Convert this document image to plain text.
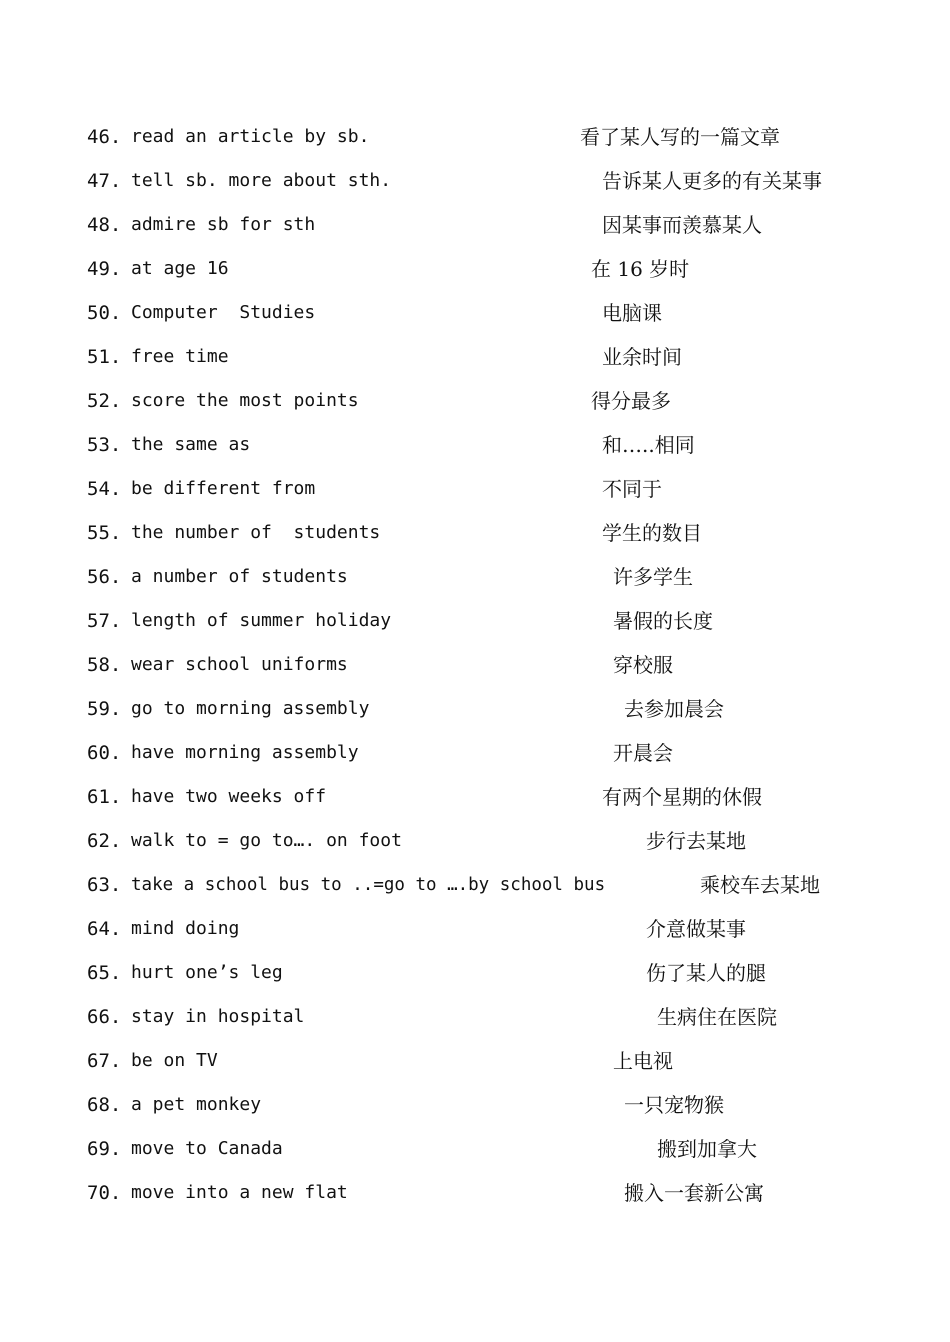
46. read an article by sb.	看了某人写的一篇文章
47. tell sb. more about sth.	告诉某人更多的有关某事
48. admire sb for sth	因某事而羡慕某人
49. at age 16	在 16 岁时
50. Computer  Studies	电脑课
51. free time	业余时间
52. score the most points	得分最多
53. the same as	和…..相同
54. be different from	不同于
55. the number of  students	学生的数目
56. a number of students	许多学生
57. length of summer holiday	暑假的长度
58. wear school uniforms	穿校服
59. go to morning assembly	去参加晨会
60. have morning assembly	开晨会
61. have two weeks off	有两个星期的休假
62. walk to = go to…. on foot	步行去某地
63. take a school bus to ..=go to ….by school bus	乘校车去某地
64. mind doing	介意做某事
65. hurt one’s leg	伤了某人的腿
66. stay in hospital	生病住在医院
67. be on TV	上电视
68. a pet monkey	一只宠物猴
69. move to Canada	搬到加拿大
70. move into a new flat	搬入一套新公寓
